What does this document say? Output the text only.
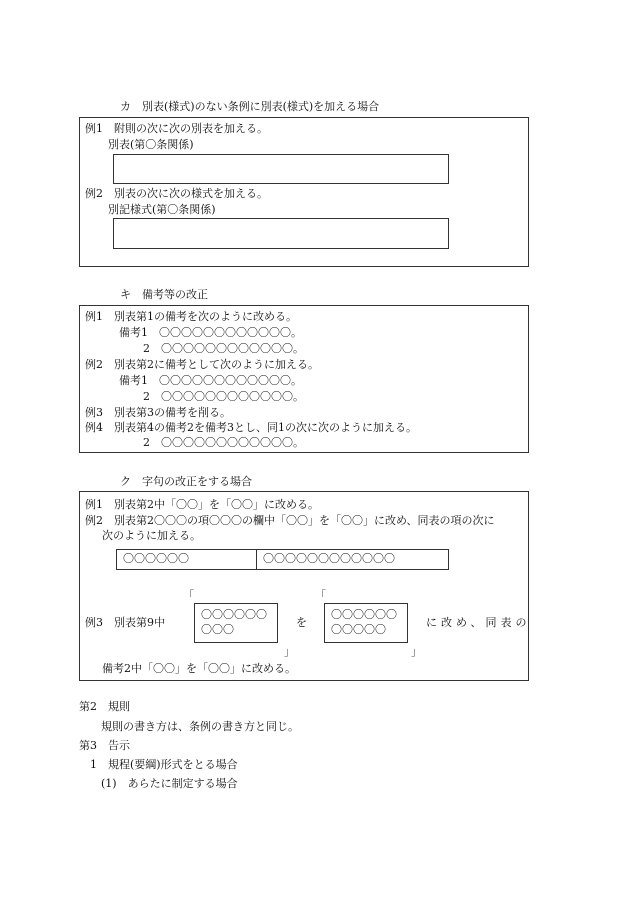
カ　別表(様式)のない条例に別表(様式)を加える場合
例1　附則の次に次の別表を加える。
別表(第〇条関係)
例2　別表の次に次の様式を加える。
別記様式(第〇条関係)
キ　備考等の改正
例1　別表第1の備考を次のように改める。
備考1　〇〇〇〇〇〇〇〇〇〇〇〇。
2　〇〇〇〇〇〇〇〇〇〇〇〇。
例2　別表第2に備考として次のように加える。
備考1　〇〇〇〇〇〇〇〇〇〇〇〇。
2　〇〇〇〇〇〇〇〇〇〇〇〇。
例3　別表第3の備考を削る。
例4　別表第4の備考2を備考3とし、同1の次に次のように加える。
2　〇〇〇〇〇〇〇〇〇〇〇〇。
ク　字句の改正をする場合
例1　別表第2中「〇〇」を「〇〇」に改める。
例2　別表第2〇〇〇の項〇〇〇の欄中「〇〇」を「〇〇」に改め、同表の項の次に
次のように加える。
〇〇〇〇〇〇	〇〇〇〇〇〇〇〇〇〇〇〇
例3　別表第9中
「
〇〇〇〇〇〇
〇〇〇
」
を
「
〇〇〇〇〇〇
〇〇〇〇〇
」
に改め、同表の
備考2中「〇〇」を「〇〇」に改める。
第2　規則
規則の書き方は、条例の書き方と同じ。
第3　告示
1　規程(要綱)形式をとる場合
(1)　あらたに制定する場合
